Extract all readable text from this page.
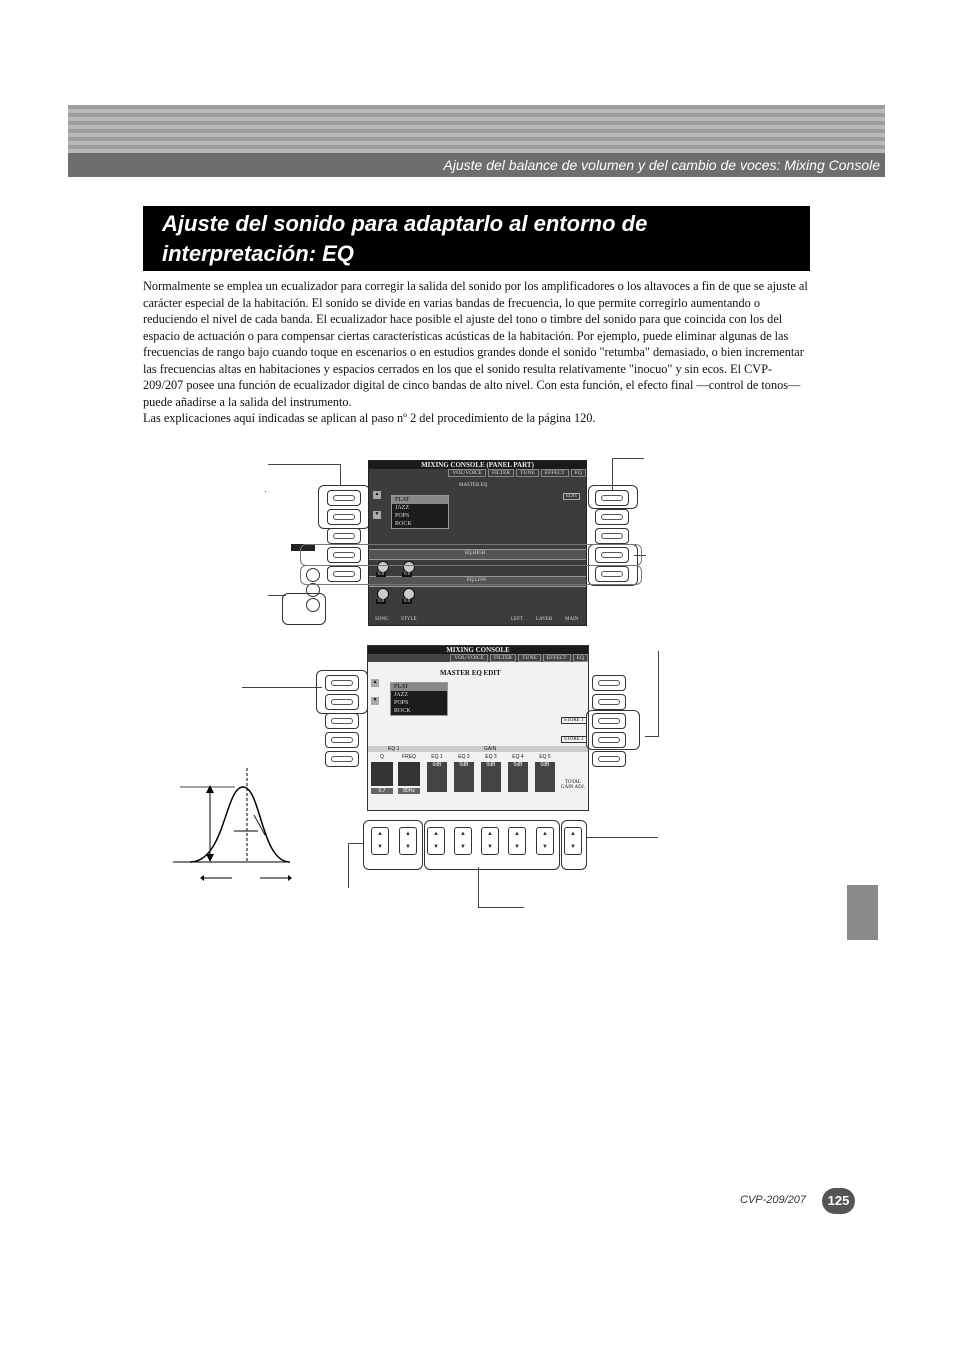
Ajuste del balance de volumen y del cambio de voces: Mixing Console
Ajuste del sonido para adaptarlo al entorno de
interpretación: EQ

Normalmente se emplea un ecualizador para corregir la salida del sonido por los amplificadores o los altavoces a fin de que se ajuste al carácter especial de la habitación. El sonido se divide en varias bandas de frecuencia, lo que permite corregirlo aumentando o reduciendo el nivel de cada banda. El ecualizador hace posible el ajuste del tono o timbre del sonido para que coincida con los del espacio de actuación o para compensar ciertas características acústicas de la habitación. Por ejemplo, puede eliminar algunas de las frecuencias de rango bajo cuando toque en escenarios o en estudios grandes donde el sonido "retumba" demasiado, o bien incrementar las frecuencias altas en habitaciones y espacios cerrados en los que el sonido resulta relativamente "inocuo" y sin ecos. El CVP-209/207 posee una función de ecualizador digital de cinco bandas de alto nivel. Con esta función, el efecto final —control de tonos— puede añadirse a la salida del instrumento.

Las explicaciones aquí indicadas se aplican al paso nº 2 del procedimiento de la página 120.

MIXING CONSOLE (PANEL PART)
VOL/VOICE	FILTER	TUNE	EFFECT	EQ
MASTER EQ
EDIT
▲
▼
FLAT
JAZZ
POPS
ROCK
EQ HIGH
EQ LOW
0.0	0.0
0.0	0.0
SONG STYLE	LEFT	LAYER	MAIN
MIXING CONSOLE
VOL/VOICE	FILTER	TUNE	EFFECT	EQ
MASTER EQ EDIT
▲
▼
FLAT
JAZZ
POPS
ROCK
STORE 1
STORE 2
EQ 1	GAIN
Q
0.7
FREQ
80Hz
EQ 1
0dB
EQ 2
0dB
EQ 3
0dB
EQ 4
0dB
EQ 5
0dB
TOTAL GAIN ADJ.
▲
▼
▲
▼
▲
▼
▲
▼
▲
▼
▲
▼
▲
▼
▲
▼
CVP-209/207	125
